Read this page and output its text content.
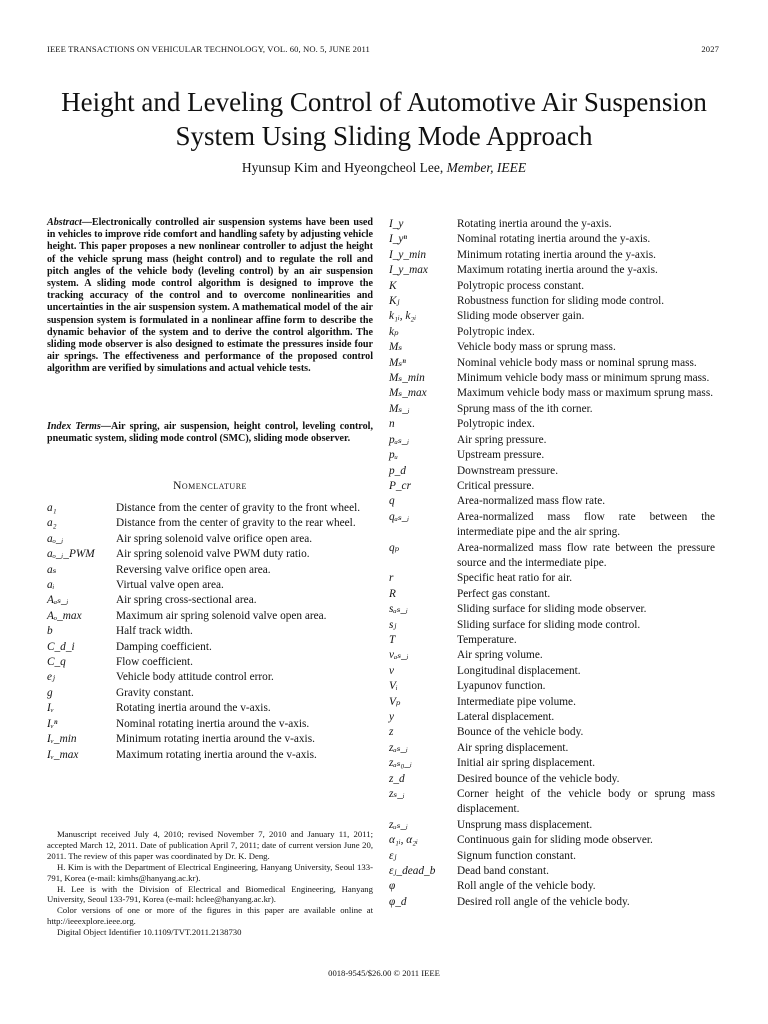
IEEE TRANSACTIONS ON VEHICULAR TECHNOLOGY, VOL. 60, NO. 5, JUNE 2011	2027
Height and Leveling Control of Automotive Air Suspension System Using Sliding Mode Approach
Hyunsup Kim and Hyeongcheol Lee, Member, IEEE

Abstract—Electronically controlled air suspension systems have been used in vehicles to improve ride comfort and handling safety by adjusting vehicle height. This paper proposes a new nonlinear controller to adjust the height of the vehicle sprung mass (height control) and to regulate the roll and pitch angles of the vehicle body (leveling control) by an air suspension system. A sliding mode control algorithm is designed to improve the tracking accuracy of the control and to overcome nonlinearities and uncertainties in the air suspension system. A mathematical model of the air suspension system is formulated in a nonlinear affine form to describe the dynamic behavior of the system and to derive the control algorithm. The sliding mode observer is also designed to estimate the pressures inside four air springs. The effectiveness and performance of the proposed control algorithm are verified by simulations and actual vehicle tests.

Index Terms—Air spring, air suspension, height control, leveling control, pneumatic system, sliding mode control (SMC), sliding mode observer.

Nomenclature
a₁	Distance from the center of gravity to the front wheel.
a₂	Distance from the center of gravity to the rear wheel.
aₒ_ᵢ	Air spring solenoid valve orifice open area.
aₒ_ᵢ_PWM	Air spring solenoid valve PWM duty ratio.
aₛ	Reversing valve orifice open area.
aᵢ	Virtual valve open area.
Aₐₛ_ᵢ	Air spring cross-sectional area.
Aₒ_max	Maximum air spring solenoid valve open area.
b	Half track width.
C_d_i	Damping coefficient.
C_q	Flow coefficient.
eⱼ	Vehicle body attitude control error.
g	Gravity constant.
Iᵥ	Rotating inertia around the v-axis.
Iᵥⁿ	Nominal rotating inertia around the v-axis.
Iᵥ_min	Minimum rotating inertia around the v-axis.
Iᵥ_max	Maximum rotating inertia around the v-axis.
I_y	Rotating inertia around the y-axis.
I_yⁿ	Nominal rotating inertia around the y-axis.
I_y_min	Minimum rotating inertia around the y-axis.
I_y_max	Maximum rotating inertia around the y-axis.
K	Polytropic process constant.
Kⱼ	Robustness function for sliding mode control.
k₁ᵢ, k₂ᵢ	Sliding mode observer gain.
kₚ	Polytropic index.
Mₛ	Vehicle body mass or sprung mass.
Mₛⁿ	Nominal vehicle body mass or nominal sprung mass.
Mₛ_min	Minimum vehicle body mass or minimum sprung mass.
Mₛ_max	Maximum vehicle body mass or maximum sprung mass.
Mₛ_ᵢ	Sprung mass of the ith corner.
n	Polytropic index.
pₐₛ_ᵢ	Air spring pressure.
pᵤ	Upstream pressure.
p_d	Downstream pressure.
P_cr	Critical pressure.
q	Area-normalized mass flow rate.
qₐₛ_ᵢ	Area-normalized mass flow rate between the intermediate pipe and the air spring.
qₚ	Area-normalized mass flow rate between the pressure source and the intermediate pipe.
r	Specific heat ratio for air.
R	Perfect gas constant.
sₐₛ_ᵢ	Sliding surface for sliding mode observer.
sⱼ	Sliding surface for sliding mode control.
T	Temperature.
vₐₛ_ᵢ	Air spring volume.
v	Longitudinal displacement.
Vᵢ	Lyapunov function.
Vₚ	Intermediate pipe volume.
y	Lateral displacement.
z	Bounce of the vehicle body.
zₐₛ_ᵢ	Air spring displacement.
zₐₛ₀_ᵢ	Initial air spring displacement.
z_d	Desired bounce of the vehicle body.
zₛ_ᵢ	Corner height of the vehicle body or sprung mass displacement.
zᵤₛ_ᵢ	Unsprung mass displacement.
α₁ᵢ, α₂ᵢ	Continuous gain for sliding mode observer.
εⱼ	Signum function constant.
εⱼ_dead_b	Dead band constant.
φ	Roll angle of the vehicle body.
φ_d	Desired roll angle of the vehicle body.

Manuscript received July 4, 2010; revised November 7, 2010 and January 11, 2011; accepted March 12, 2011. Date of publication April 7, 2011; date of current version June 20, 2011. The review of this paper was coordinated by Dr. K. Deng.

H. Kim is with the Department of Electrical Engineering, Hanyang University, Seoul 133-791, Korea (e-mail: kimhs@hanyang.ac.kr).

H. Lee is with the Division of Electrical and Biomedical Engineering, Hanyang University, Seoul 133-791, Korea (e-mail: hclee@hanyang.ac.kr).

Color versions of one or more of the figures in this paper are available online at http://ieeexplore.ieee.org.

Digital Object Identifier 10.1109/TVT.2011.2138730

0018-9545/$26.00 © 2011 IEEE
